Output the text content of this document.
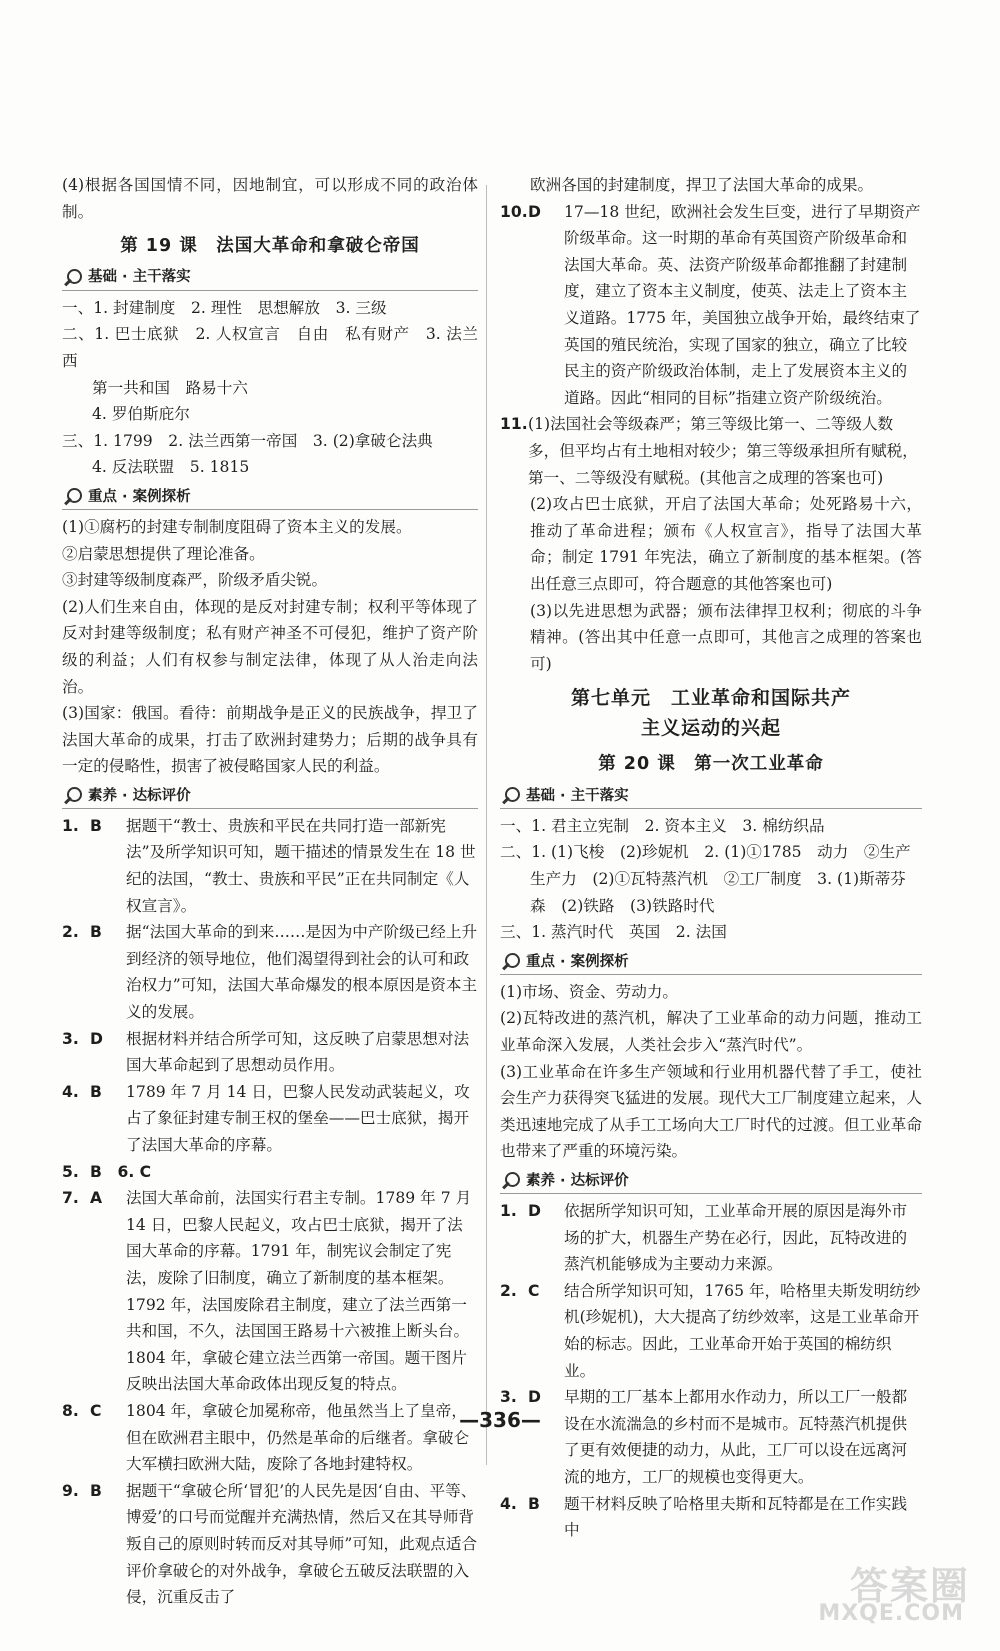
(4)根据各国国情不同，因地制宜，可以形成不同的政治体制。

第 19 课　法国大革命和拿破仑帝国
基础 · 主干落实

一、1. 封建制度　2. 理性　思想解放　3. 三级

二、1. 巴士底狱　2. 人权宣言　自由　私有财产　3. 法兰西

第一共和国　路易十六

4. 罗伯斯庇尔

三、1. 1799　2. 法兰西第一帝国　3. (2)拿破仑法典

4. 反法联盟　5. 1815

重点 · 案例探析

(1)①腐朽的封建专制制度阻碍了资本主义的发展。

②启蒙思想提供了理论准备。

③封建等级制度森严，阶级矛盾尖锐。

(2)人们生来自由，体现的是反对封建专制；权利平等体现了反对封建等级制度；私有财产神圣不可侵犯，维护了资产阶级的利益；人们有权参与制定法律，体现了从人治走向法治。

(3)国家：俄国。看待：前期战争是正义的民族战争，捍卫了法国大革命的成果，打击了欧洲封建势力；后期的战争具有一定的侵略性，损害了被侵略国家人民的利益。

素养 · 达标评价
1. B	据题干“教士、贵族和平民在共同打造一部新宪法”及所学知识可知，题干描述的情景发生在 18 世纪的法国，“教士、贵族和平民”正在共同制定《人权宣言》。
2. B	据“法国大革命的到来……是因为中产阶级已经上升到经济的领导地位，他们渴望得到社会的认可和政治权力”可知，法国大革命爆发的根本原因是资本主义的发展。
3. D	根据材料并结合所学可知，这反映了启蒙思想对法国大革命起到了思想动员作用。
4. B	1789 年 7 月 14 日，巴黎人民发动武装起义，攻占了象征封建专制王权的堡垒——巴士底狱，揭开了法国大革命的序幕。
5. B　6. C
7. A	法国大革命前，法国实行君主专制。1789 年 7 月 14 日，巴黎人民起义，攻占巴士底狱，揭开了法国大革命的序幕。1791 年，制宪议会制定了宪法，废除了旧制度，确立了新制度的基本框架。1792 年，法国废除君主制度，建立了法兰西第一共和国，不久，法国国王路易十六被推上断头台。1804 年，拿破仑建立法兰西第一帝国。题干图片反映出法国大革命政体出现反复的特点。
8. C	1804 年，拿破仑加冕称帝，他虽然当上了皇帝，但在欧洲君主眼中，仍然是革命的后继者。拿破仑大军横扫欧洲大陆，废除了各地封建特权。
9. B	据题干“拿破仑所‘冒犯’的人民先是因‘自由、平等、博爱’的口号而觉醒并充满热情，然后又在其导师背叛自己的原则时转而反对其导师”可知，此观点适合评价拿破仑的对外战争，拿破仑五破反法联盟的入侵，沉重反击了

欧洲各国的封建制度，捍卫了法国大革命的成果。

10. D	17—18 世纪，欧洲社会发生巨变，进行了早期资产阶级革命。这一时期的革命有英国资产阶级革命和法国大革命。英、法资产阶级革命都推翻了封建制度，建立了资本主义制度，使英、法走上了资本主义道路。1775 年，美国独立战争开始，最终结束了英国的殖民统治，实现了国家的独立，确立了比较民主的资产阶级政治体制，走上了发展资本主义的道路。因此“相同的目标”指建立资产阶级统治。
11. (1)法国社会等级森严；第三等级比第一、二等级人数多，但平均占有土地相对较少；第三等级承担所有赋税，第一、二等级没有赋税。(其他言之成理的答案也可)

(2)攻占巴士底狱，开启了法国大革命；处死路易十六，推动了革命进程；颁布《人权宣言》，指导了法国大革命；制定 1791 年宪法，确立了新制度的基本框架。(答出任意三点即可，符合题意的其他答案也可)

(3)以先进思想为武器；颁布法律捍卫权利；彻底的斗争精神。(答出其中任意一点即可，其他言之成理的答案也可)

第七单元　工业革命和国际共产
主义运动的兴起
第 20 课　第一次工业革命
基础 · 主干落实

一、1. 君主立宪制　2. 资本主义　3. 棉纺织品

二、1. (1)飞梭　(2)珍妮机　2. (1)①1785　动力　②生产

生产力　(2)①瓦特蒸汽机　②工厂制度　3. (1)斯蒂芬

森　(2)铁路　(3)铁路时代

三、1. 蒸汽时代　英国　2. 法国

重点 · 案例探析

(1)市场、资金、劳动力。

(2)瓦特改进的蒸汽机，解决了工业革命的动力问题，推动工业革命深入发展，人类社会步入“蒸汽时代”。

(3)工业革命在许多生产领域和行业用机器代替了手工，使社会生产力获得突飞猛进的发展。现代大工厂制度建立起来，人类迅速地完成了从手工工场向大工厂时代的过渡。但工业革命也带来了严重的环境污染。

素养 · 达标评价
1. D	依据所学知识可知，工业革命开展的原因是海外市场的扩大，机器生产势在必行，因此，瓦特改进的蒸汽机能够成为主要动力来源。
2. C	结合所学知识可知，1765 年，哈格里夫斯发明纺纱机(珍妮机)，大大提高了纺纱效率，这是工业革命开始的标志。因此，工业革命开始于英国的棉纺织业。
3. D	早期的工厂基本上都用水作动力，所以工厂一般都设在水流湍急的乡村而不是城市。瓦特蒸汽机提供了更有效便捷的动力，从此，工厂可以设在远离河流的地方，工厂的规模也变得更大。
4. B	题干材料反映了哈格里夫斯和瓦特都是在工作实践中
—336—
答案圈
MXQE.COM
